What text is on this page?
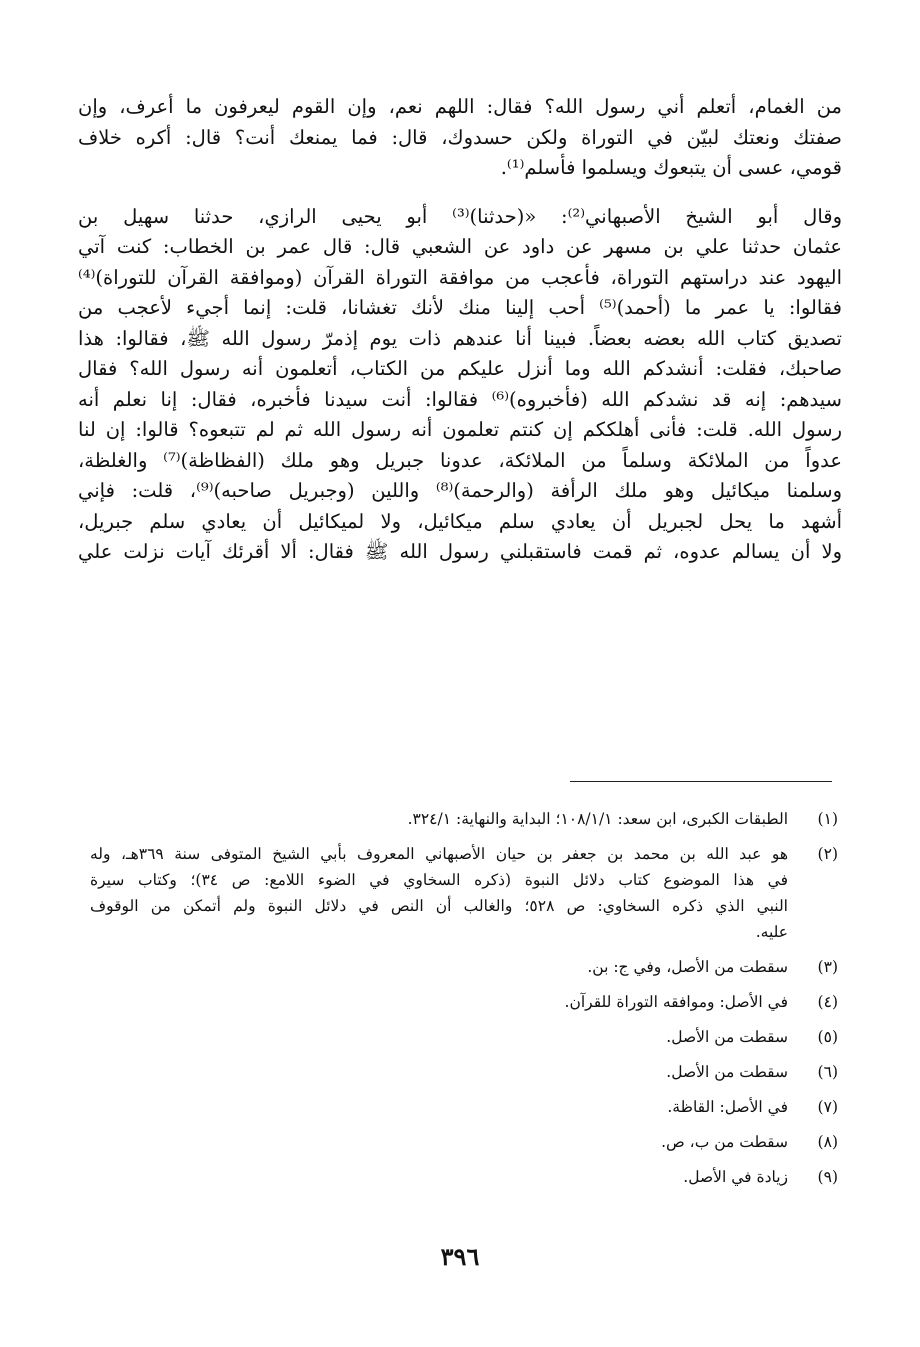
من الغمام، أتعلم أني رسول الله؟ فقال: اللهم نعم، وإن القوم ليعرفون ما أعرف، وإن
صفتك ونعتك لبيّن في التوراة ولكن حسدوك، قال: فما يمنعك أنت؟ قال: أكره خلاف
قومي، عسى أن يتبعوك ويسلموا فأسلم⁽¹⁾.
وقال أبو الشيخ الأصبهاني⁽²⁾: «(حدثنا)⁽³⁾ أبو يحيى الرازي، حدثنا سهيل بن
عثمان حدثنا علي بن مسهر عن داود عن الشعبي قال: قال عمر بن الخطاب: كنت آتي
اليهود عند دراستهم التوراة، فأعجب من موافقة التوراة القرآن (وموافقة القرآن للتوراة)⁽⁴⁾
فقالوا: يا عمر ما (أحمد)⁽⁵⁾ أحب إلينا منك لأنك تغشانا، قلت: إنما أجيء لأعجب من
تصديق كتاب الله بعضه بعضاً. فبينا أنا عندهم ذات يوم إذمرّ رسول الله ﷺ، فقالوا: هذا
صاحبك، فقلت: أنشدكم الله وما أنزل عليكم من الكتاب، أتعلمون أنه رسول الله؟ فقال
سيدهم: إنه قد نشدكم الله (فأخبروه)⁽⁶⁾ فقالوا: أنت سيدنا فأخبره، فقال: إنا نعلم أنه
رسول الله. قلت: فأنى أهلككم إن كنتم تعلمون أنه رسول الله ثم لم تتبعوه؟ قالوا: إن لنا
عدواً من الملائكة وسلماً من الملائكة، عدونا جبريل وهو ملك (الفظاظة)⁽⁷⁾ والغلظة،
وسلمنا ميكائيل وهو ملك الرأفة (والرحمة)⁽⁸⁾ واللين (وجبريل صاحبه)⁽⁹⁾، قلت: فإني
أشهد ما يحل لجبريل أن يعادي سلم ميكائيل، ولا لميكائيل أن يعادي سلم جبريل،
ولا أن يسالم عدوه، ثم قمت فاستقبلني رسول الله ﷺ فقال: ألا أقرئك آيات نزلت علي
(١)
الطبقات الكبرى، ابن سعد: ١٠٨/١/١؛ البداية والنهاية: ٣٢٤/١.
(٢)
هو عبد الله بن محمد بن جعفر بن حيان الأصبهاني المعروف بأبي الشيخ المتوفى سنة ٣٦٩هـ، وله
في هذا الموضوع كتاب دلائل النبوة (ذكره السخاوي في الضوء اللامع: ص ٣٤)؛ وكتاب سيرة
النبي الذي ذكره السخاوي: ص ٥٢٨؛ والغالب أن النص في دلائل النبوة ولم أتمكن من الوقوف
عليه.
(٣)
سقطت من الأصل، وفي ج: بن.
(٤)
في الأصل: وموافقه التوراة للقرآن.
(٥)
سقطت من الأصل.
(٦)
سقطت من الأصل.
(٧)
في الأصل: القاظة.
(٨)
سقطت من ب، ص.
(٩)
زيادة في الأصل.
٣٩٦
